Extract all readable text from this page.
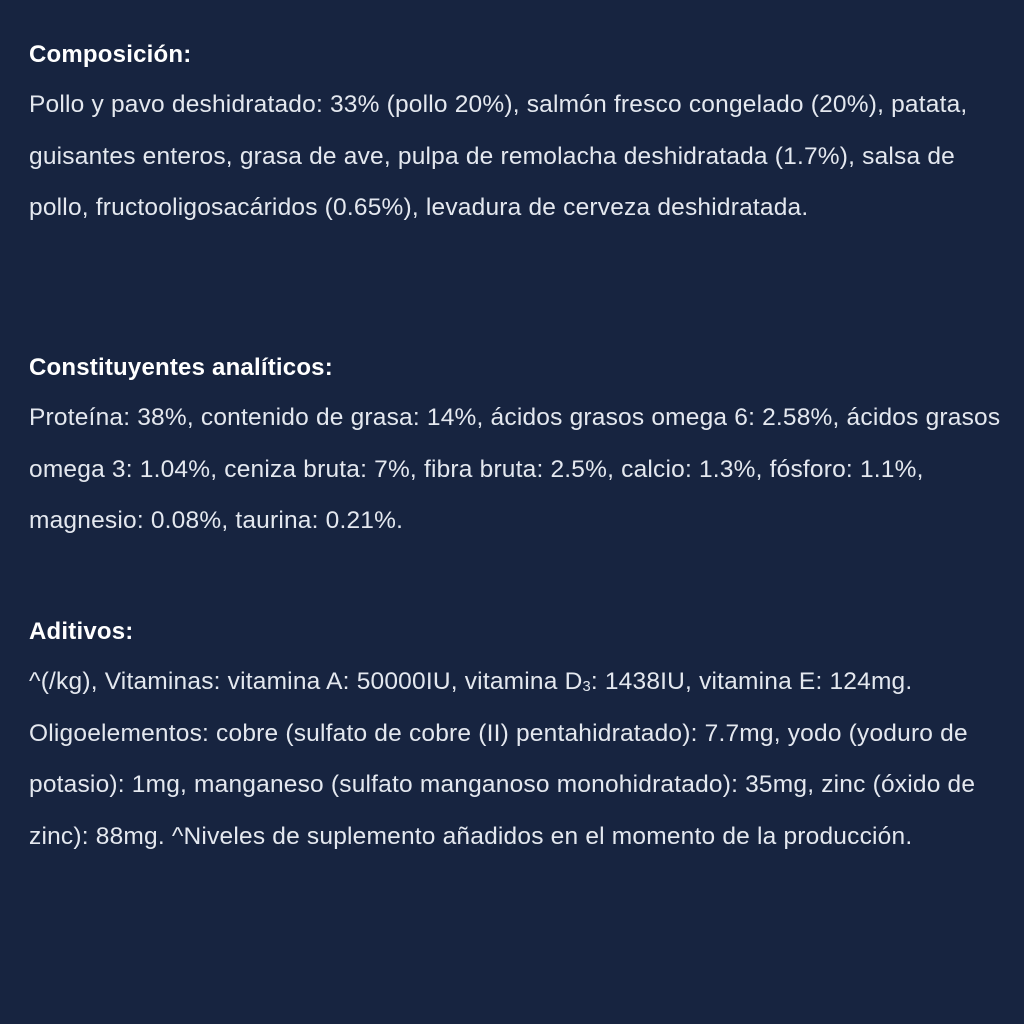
Composición:

Pollo y pavo deshidratado: 33% (pollo 20%), salmón fresco congelado (20%), patata, guisantes enteros, grasa de ave, pulpa de remolacha deshidratada (1.7%), salsa de pollo, fructooligosacáridos (0.65%), levadura de cerveza deshidratada.

Constituyentes analíticos:

Proteína: 38%, contenido de grasa: 14%, ácidos grasos omega 6: 2.58%, ácidos grasos omega 3: 1.04%, ceniza bruta: 7%, fibra bruta: 2.5%, calcio: 1.3%, fósforo: 1.1%, magnesio: 0.08%, taurina: 0.21%.

Aditivos:

^(/kg), Vitaminas: vitamina A: 50000IU, vitamina $D_3$: 1438IU, vitamina E: 124mg. Oligoelementos: cobre (sulfato de cobre (II) pentahidratado): 7.7mg, yodo (yoduro de potasio): 1mg, manganeso (sulfato manganoso monohidratado): 35mg, zinc (óxido de zinc): 88mg. ^Niveles de suplemento añadidos en el momento de la producción.
